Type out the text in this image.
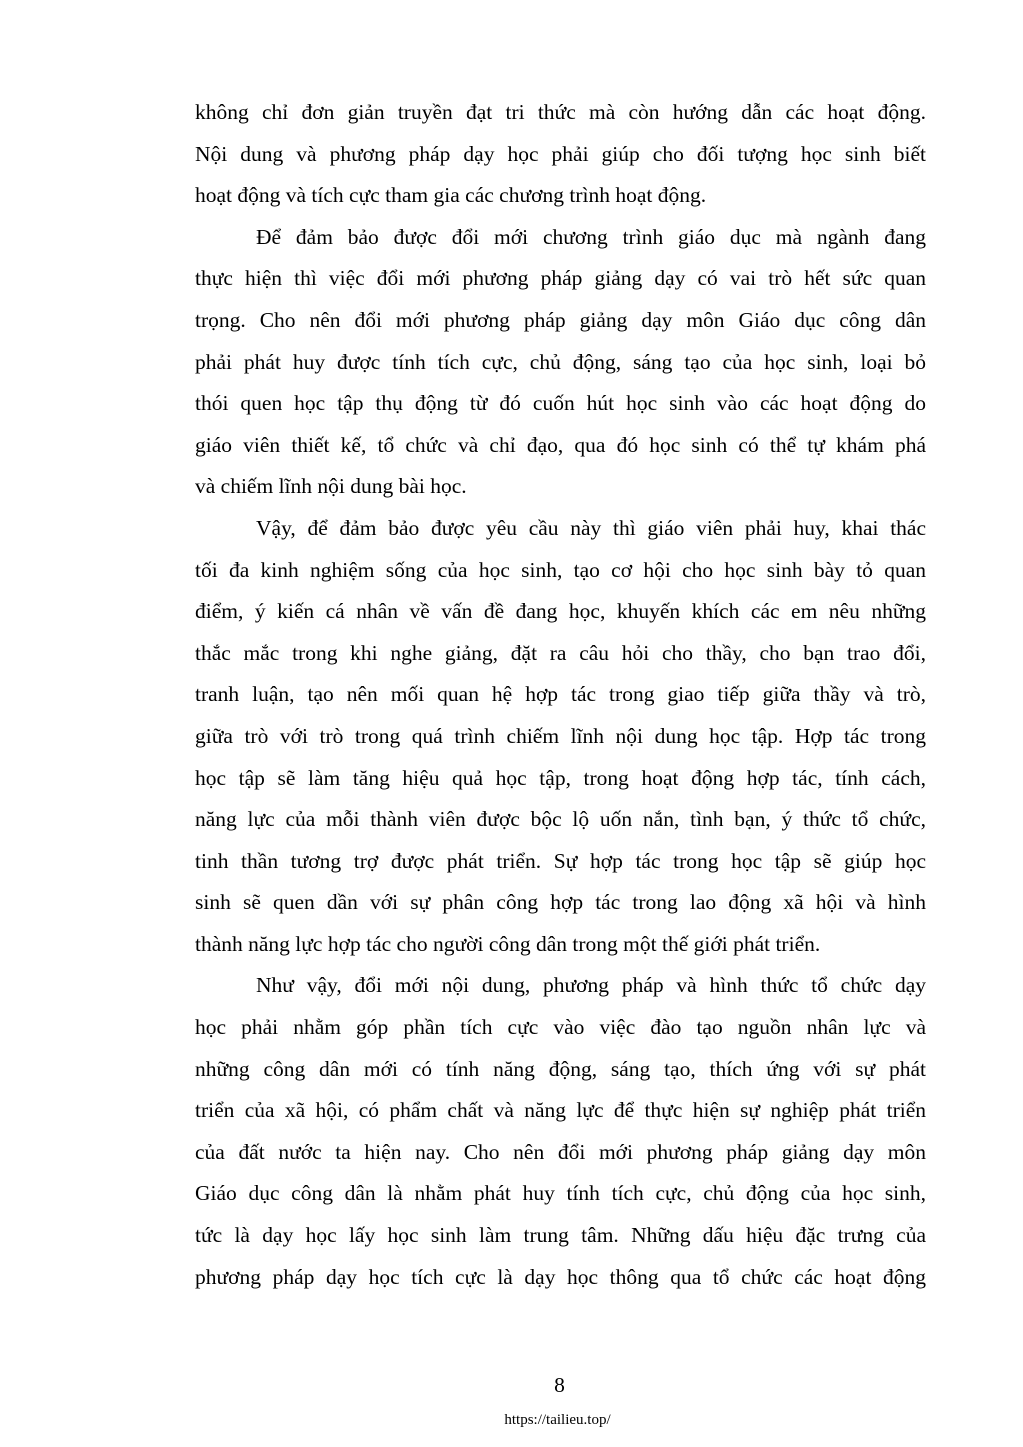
không chỉ đơn giản truyền đạt tri thức mà còn hướng dẫn các hoạt động.
Nội dung và phương pháp dạy học phải giúp cho đối tượng học sinh biết
hoạt động và tích cực tham gia các chương trình hoạt động.
Để đảm bảo được đổi mới chương trình giáo dục mà ngành đang
thực hiện thì việc đổi mới phương pháp giảng dạy có vai trò hết sức quan
trọng. Cho nên đổi mới phương pháp giảng dạy môn Giáo dục công dân
phải phát huy được tính tích cực, chủ động, sáng tạo của học sinh, loại bỏ
thói quen học tập thụ động từ đó cuốn hút học sinh vào các hoạt động do
giáo viên thiết kế, tổ chức và chỉ đạo, qua đó học sinh có thể tự khám phá
và chiếm lĩnh nội dung bài học.
Vậy, để đảm bảo được yêu cầu này thì giáo viên phải huy, khai thác
tối đa kinh nghiệm sống của học sinh, tạo cơ hội cho học sinh bày tỏ quan
điểm, ý kiến cá nhân về vấn đề đang học, khuyến khích các em nêu những
thắc mắc trong khi nghe giảng, đặt ra câu hỏi cho thầy, cho bạn trao đổi,
tranh luận, tạo nên mối quan hệ hợp tác trong giao tiếp giữa thầy và trò,
giữa trò với trò trong quá trình chiếm lĩnh nội dung học tập. Hợp tác trong
học tập sẽ làm tăng hiệu quả học tập, trong hoạt động hợp tác, tính cách,
năng lực của mỗi thành viên được bộc lộ uốn nắn, tình bạn, ý thức tổ chức,
tinh thần tương trợ được phát triển. Sự hợp tác trong học tập sẽ giúp học
sinh sẽ quen dần với sự phân công hợp tác trong lao động xã hội và hình
thành năng lực hợp tác cho người công dân trong một thế giới phát triển.
Như vậy, đổi mới nội dung, phương pháp và hình thức tổ chức dạy
học phải nhằm góp phần tích cực vào việc đào tạo nguồn nhân lực và
những công dân mới có tính năng động, sáng tạo, thích ứng với sự phát
triển của xã hội, có phẩm chất và năng lực để thực hiện sự nghiệp phát triển
của đất nước ta hiện nay. Cho nên đổi mới phương pháp giảng dạy môn
Giáo dục công dân là nhằm phát huy tính tích cực, chủ động của học sinh,
tức là dạy học lấy học sinh làm trung tâm. Những dấu hiệu đặc trưng của
phương pháp dạy học tích cực là dạy học thông qua tổ chức các hoạt động
8
https://tailieu.top/
